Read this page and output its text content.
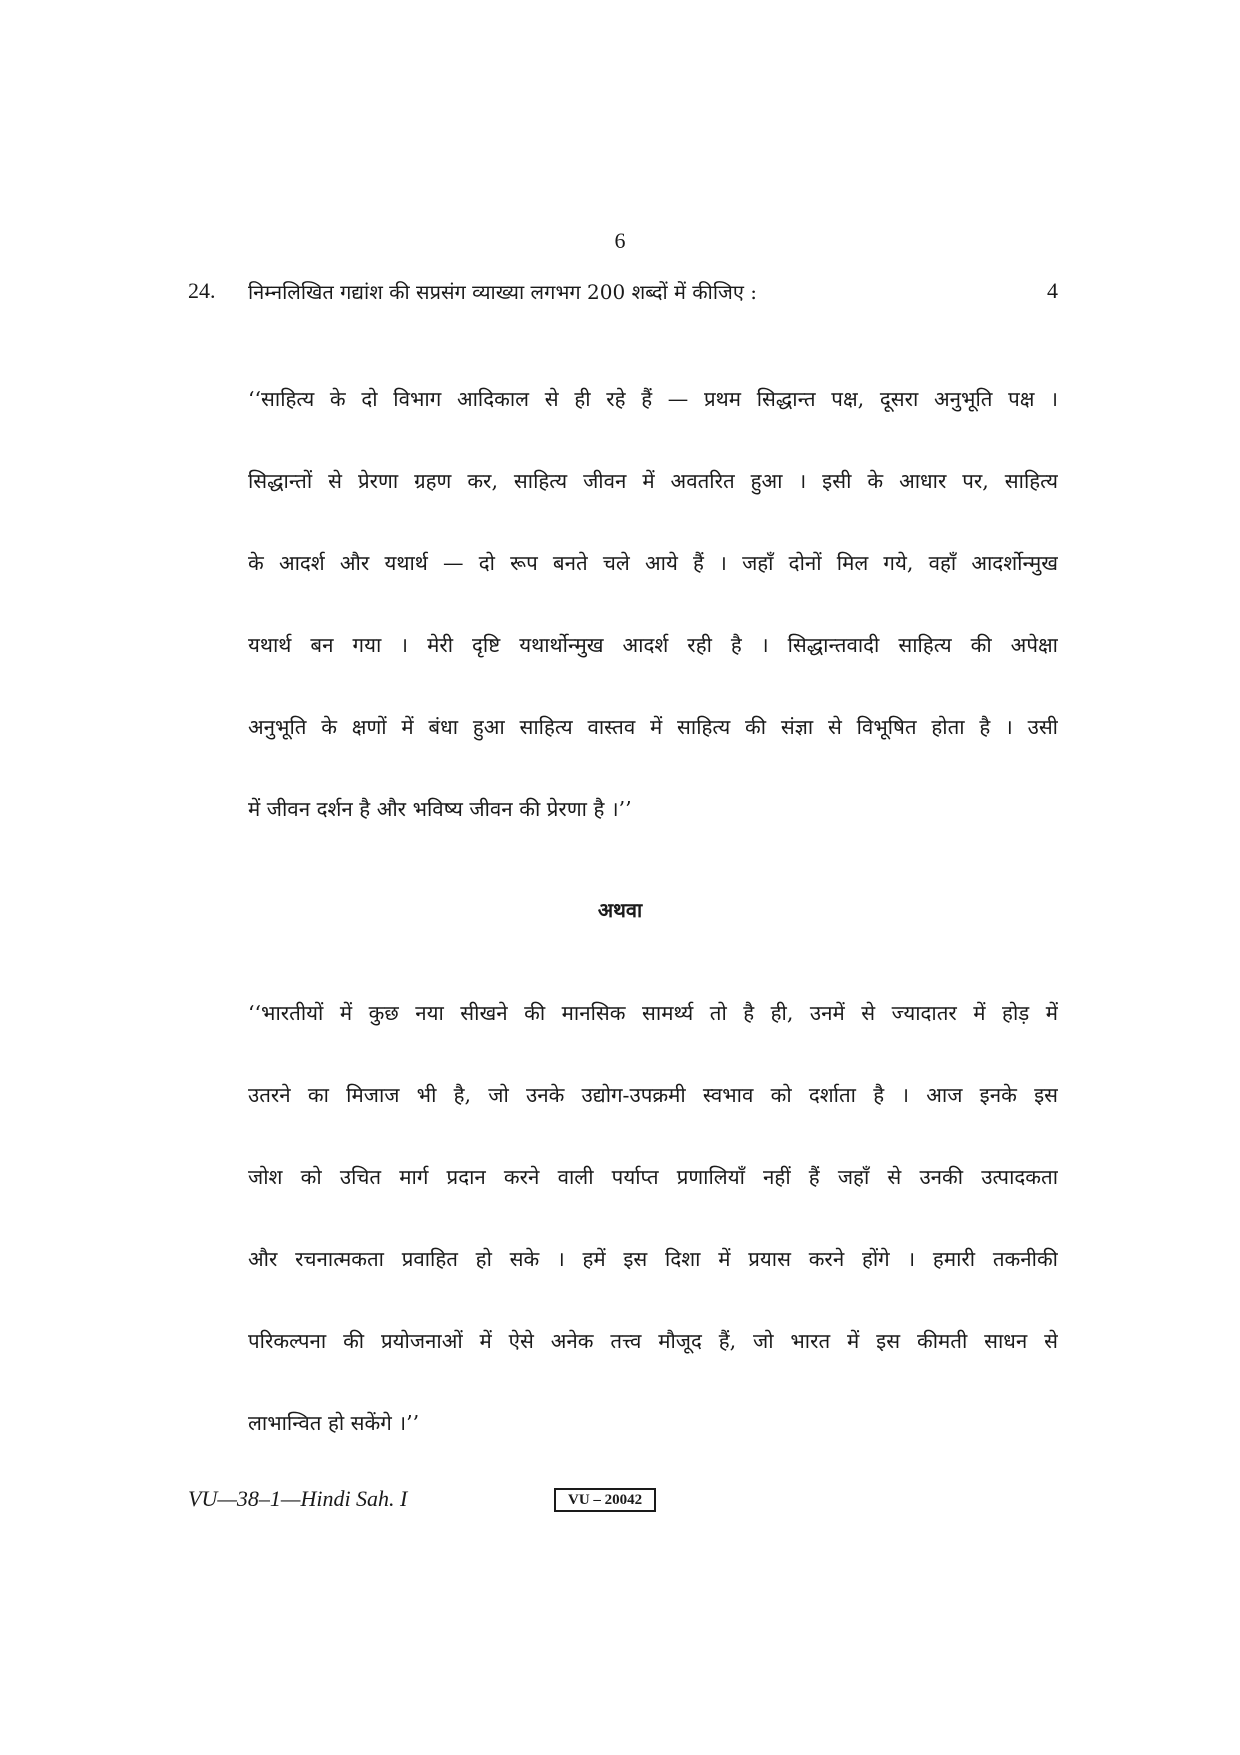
6
24. निम्नलिखित गद्यांश की सप्रसंग व्याख्या लगभग 200 शब्दों में कीजिए :	4
‘‘साहित्य के दो विभाग आदिकाल से ही रहे हैं — प्रथम सिद्धान्त पक्ष, दूसरा अनुभूति पक्ष ।
सिद्धान्तों से प्रेरणा ग्रहण कर, साहित्य जीवन में अवतरित हुआ । इसी के आधार पर, साहित्य
के आदर्श और यथार्थ — दो रूप बनते चले आये हैं । जहाँ दोनों मिल गये, वहाँ आदर्शोन्मुख
यथार्थ बन गया । मेरी दृष्टि यथार्थोन्मुख आदर्श रही है । सिद्धान्तवादी साहित्य की अपेक्षा
अनुभूति के क्षणों में बंधा हुआ साहित्य वास्तव में साहित्य की संज्ञा से विभूषित होता है । उसी
में जीवन दर्शन है और भविष्य जीवन की प्रेरणा है ।’’
अथवा
‘‘भारतीयों में कुछ नया सीखने की मानसिक सामर्थ्य तो है ही, उनमें से ज्यादातर में होड़ में
उतरने का मिजाज भी है, जो उनके उद्योग-उपक्रमी स्वभाव को दर्शाता है । आज इनके इस
जोश को उचित मार्ग प्रदान करने वाली पर्याप्त प्रणालियाँ नहीं हैं जहाँ से उनकी उत्पादकता
और रचनात्मकता प्रवाहित हो सके । हमें इस दिशा में प्रयास करने होंगे । हमारी तकनीकी
परिकल्पना की प्रयोजनाओं में ऐसे अनेक तत्त्व मौजूद हैं, जो भारत में इस कीमती साधन से
लाभान्वित हो सकेंगे ।’’
VU—38–1—Hindi Sah. I	VU – 20042
